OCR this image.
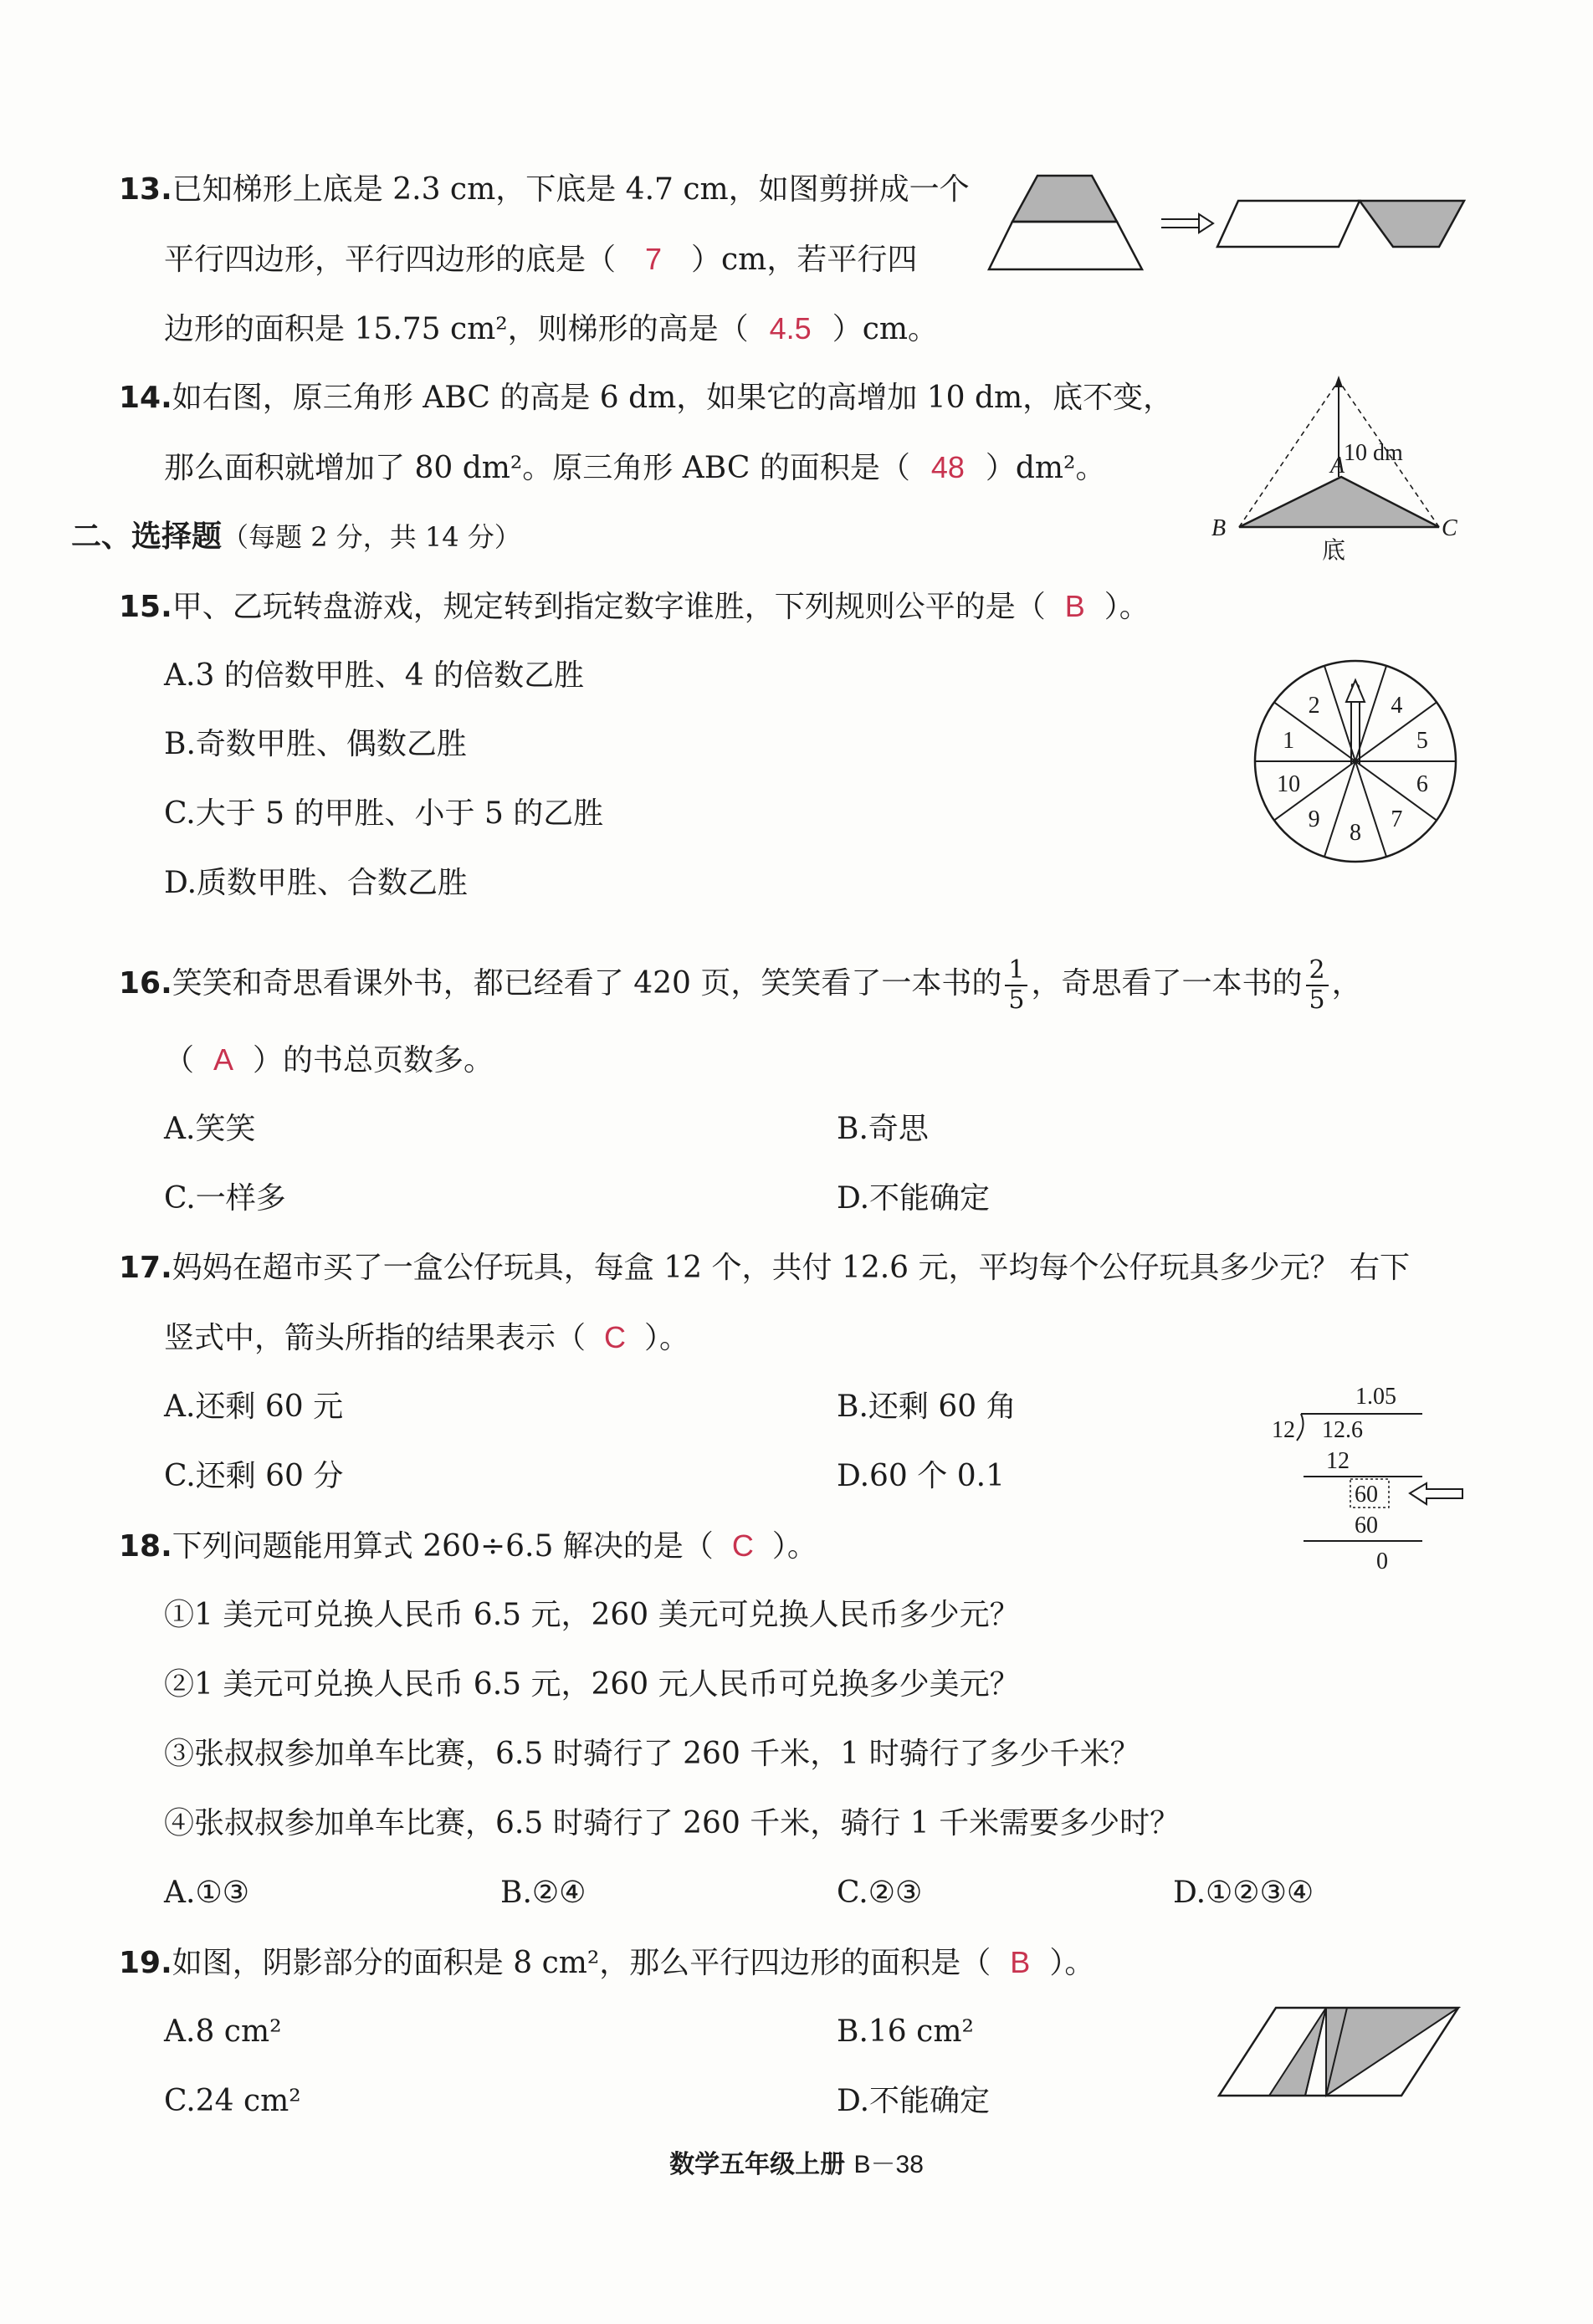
13.已知梯形上底是 2.3 cm，下底是 4.7 cm，如图剪拼成一个
平行四边形，平行四边形的底是（ 7 ）cm，若平行四
边形的面积是 15.75 cm²，则梯形的高是（ 4.5 ）cm。
14.如右图，原三角形 ABC 的高是 6 dm，如果它的高增加 10 dm，底不变，
那么面积就增加了 80 dm²。原三角形 ABC 的面积是（ 48 ）dm²。	A
B	C
10 dm
底
二、选择题（每题 2 分，共 14 分）
15.甲、乙玩转盘游戏，规定转到指定数字谁胜，下列规则公平的是（ B ）。
A.3 的倍数甲胜、4 的倍数乙胜
B.奇数甲胜、偶数乙胜
C.大于 5 的甲胜、小于 5 的乙胜
D.质数甲胜、合数乙胜
4
5
6
7
8
9
10
1
2
16.笑笑和奇思看课外书，都已经看了 420 页，笑笑看了一本书的 $\frac{1}{5}$ ，奇思看了一本书的 $\frac{2}{5}$ ，
（ A ）的书总页数多。
A.笑笑	B.奇思
C.一样多	D.不能确定
17.妈妈在超市买了一盒公仔玩具，每盒 12 个，共付 12.6 元，平均每个公仔玩具多少元？ 右下
竖式中，箭头所指的结果表示（ C ）。
A.还剩 60 元	B.还剩 60 角
C.还剩 60 分	D.60 个 0.1
1.05
12 12.6
12
60
60
0
18.下列问题能用算式 260÷6.5 解决的是（ C ）。
①1 美元可兑换人民币 6.5 元，260 美元可兑换人民币多少元？
②1 美元可兑换人民币 6.5 元，260 元人民币可兑换多少美元？
③张叔叔参加单车比赛，6.5 时骑行了 260 千米，1 时骑行了多少千米？
④张叔叔参加单车比赛，6.5 时骑行了 260 千米，骑行 1 千米需要多少时？
A.①③	B.②④	C.②③	D.①②③④
19.如图，阴影部分的面积是 8 cm²，那么平行四边形的面积是（ B ）。
A.8 cm²	B.16 cm²
C.24 cm²	D.不能确定
数学五年级上册 B－38
